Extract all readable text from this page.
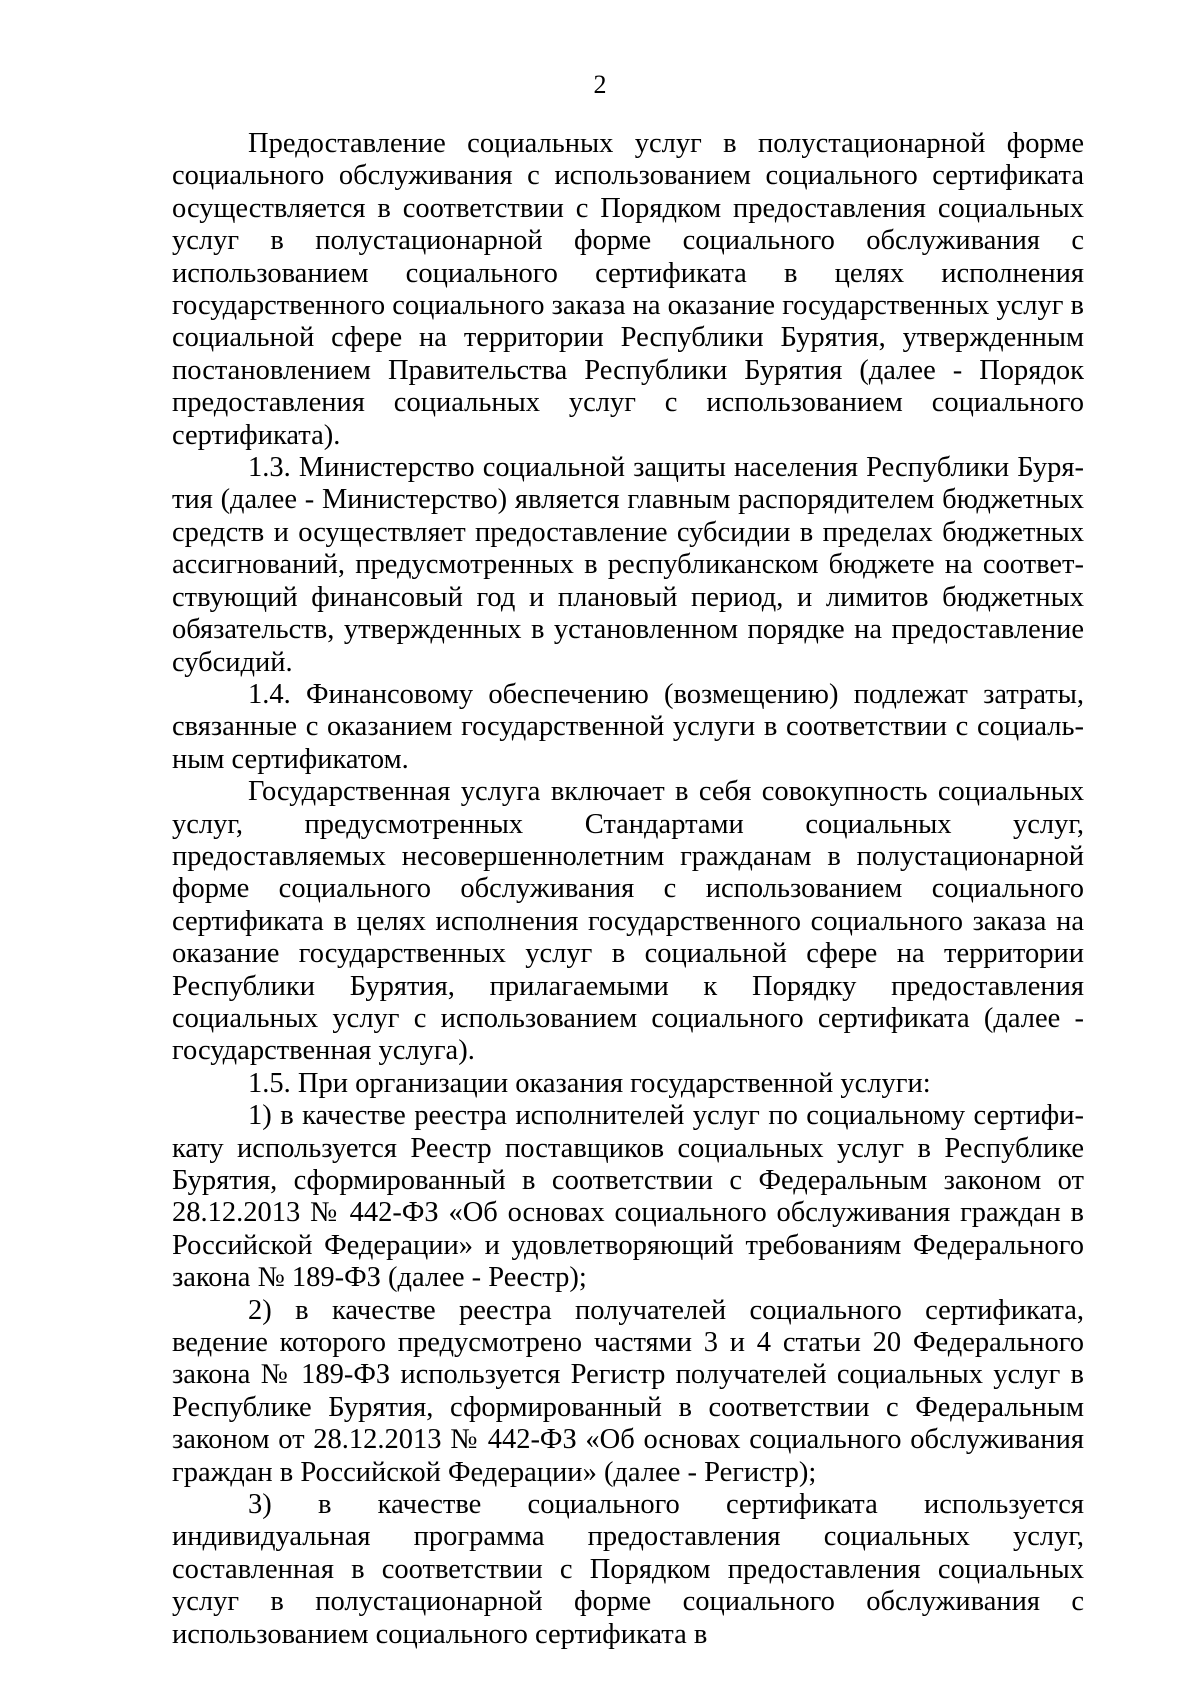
2

Предоставление социальных услуг в полустационарной форме социального обслуживания с использованием социального сертификата осуществляется в соответствии с Порядком предоставления социальных услуг в полустационарной форме социального обслуживания с использованием социального сертификата в целях исполнения государственного социального заказа на оказание государственных услуг в социальной сфере на территории Республики Бурятия, утвержденным постановлением Правительства Республики Бурятия (далее - Порядок предоставления социальных услуг с использованием социального сертификата).

1.3. Министерство социальной защиты населения Республики Бурятия (далее - Министерство) является главным распорядителем бюджетных средств и осуществляет предоставление субсидии в пределах бюджетных ассигнований, предусмотренных в республиканском бюджете на соответствующий финансовый год и плановый период, и лимитов бюджетных обязательств, утвержденных в установленном порядке на предоставление субсидий.

1.4. Финансовому обеспечению (возмещению) подлежат затраты, связанные с оказанием государственной услуги в соответствии с социальным сертификатом.

Государственная услуга включает в себя совокупность социальных услуг, предусмотренных Стандартами социальных услуг, предоставляемых несовершеннолетним гражданам в полустационарной форме социального обслуживания с использованием социального сертификата в целях исполнения государственного социального заказа на оказание государственных услуг в социальной сфере на территории Республики Бурятия, прилагаемыми к Порядку предоставления социальных услуг с использованием социального сертификата (далее - государственная услуга).

1.5. При организации оказания государственной услуги:

1) в качестве реестра исполнителей услуг по социальному сертификату используется Реестр поставщиков социальных услуг в Республике Бурятия, сформированный в соответствии с Федеральным законом от 28.12.2013 № 442-ФЗ «Об основах социального обслуживания граждан в Российской Федерации» и удовлетворяющий требованиям Федерального закона № 189-ФЗ (далее - Реестр);

2) в качестве реестра получателей социального сертификата, ведение которого предусмотрено частями 3 и 4 статьи 20 Федерального закона № 189-ФЗ используется Регистр получателей социальных услуг в Республике Бурятия, сформированный в соответствии с Федеральным законом от 28.12.2013 № 442-ФЗ «Об основах социального обслуживания граждан в Российской Федерации» (далее - Регистр);

3) в качестве социального сертификата используется индивидуальная программа предоставления социальных услуг, составленная в соответствии с Порядком предоставления социальных услуг в полустационарной форме социального обслуживания с использованием социального сертификата в
